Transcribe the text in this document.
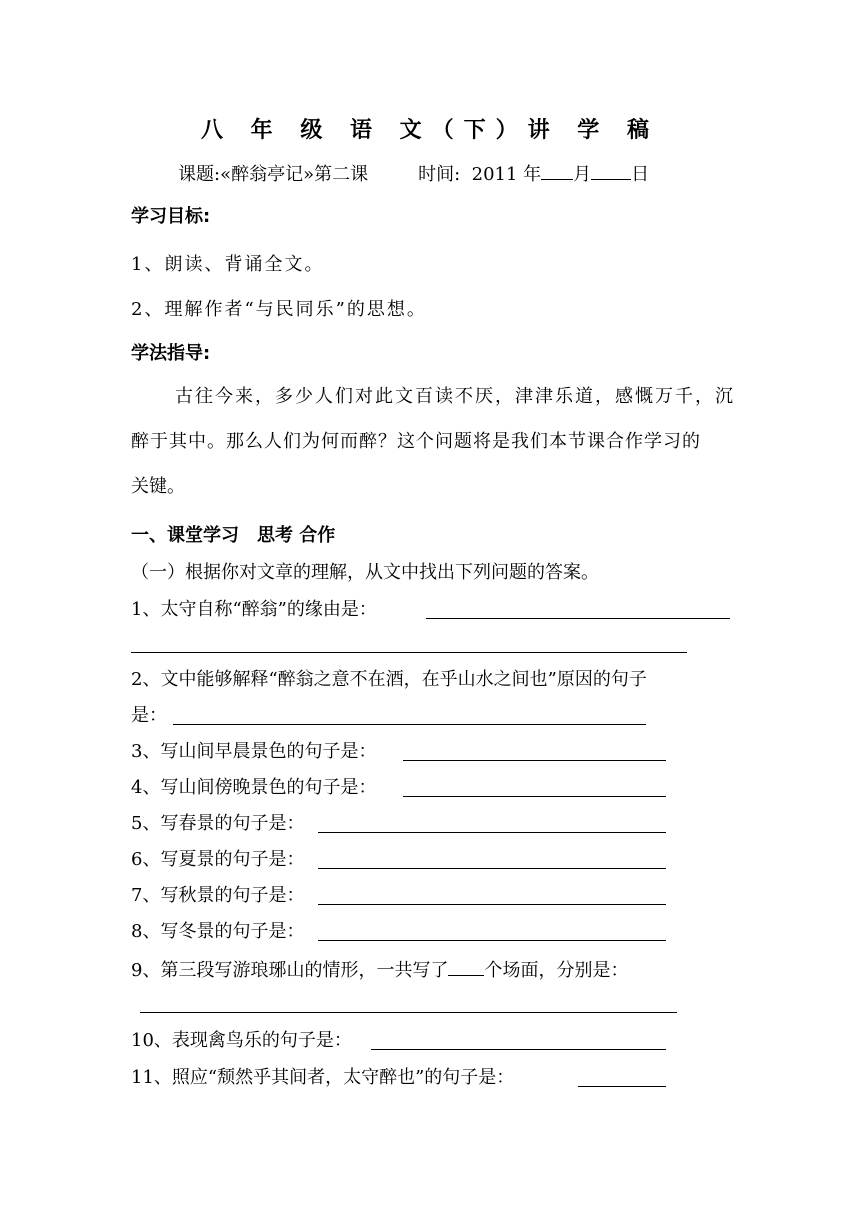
八 年 级 语 文（下）讲 学 稿
课题:«醉翁亭记»第二课	时间: 2011 年 月 日
学习目标:
1、朗读、背诵全文。
2、理解作者“与民同乐”的思想。
学法指导:
古往今来，多少人们对此文百读不厌，津津乐道，感慨万千，沉
醉于其中。那么人们为何而醉？这个问题将是我们本节课合作学习的
关键。
一、课堂学习　思考 合作
（一）根据你对文章的理解，从文中找出下列问题的答案。
1、太守自称“醉翁”的缘由是：
2、文中能够解释“醉翁之意不在酒，在乎山水之间也”原因的句子
是：
3、写山间早晨景色的句子是：
4、写山间傍晚景色的句子是：
5、写春景的句子是：
6、写夏景的句子是：
7、写秋景的句子是：
8、写冬景的句子是：
9、第三段写游琅琊山的情形，一共写了 个场面，分别是：
10、表现禽鸟乐的句子是：
11、照应“颓然乎其间者，太守醉也”的句子是：
